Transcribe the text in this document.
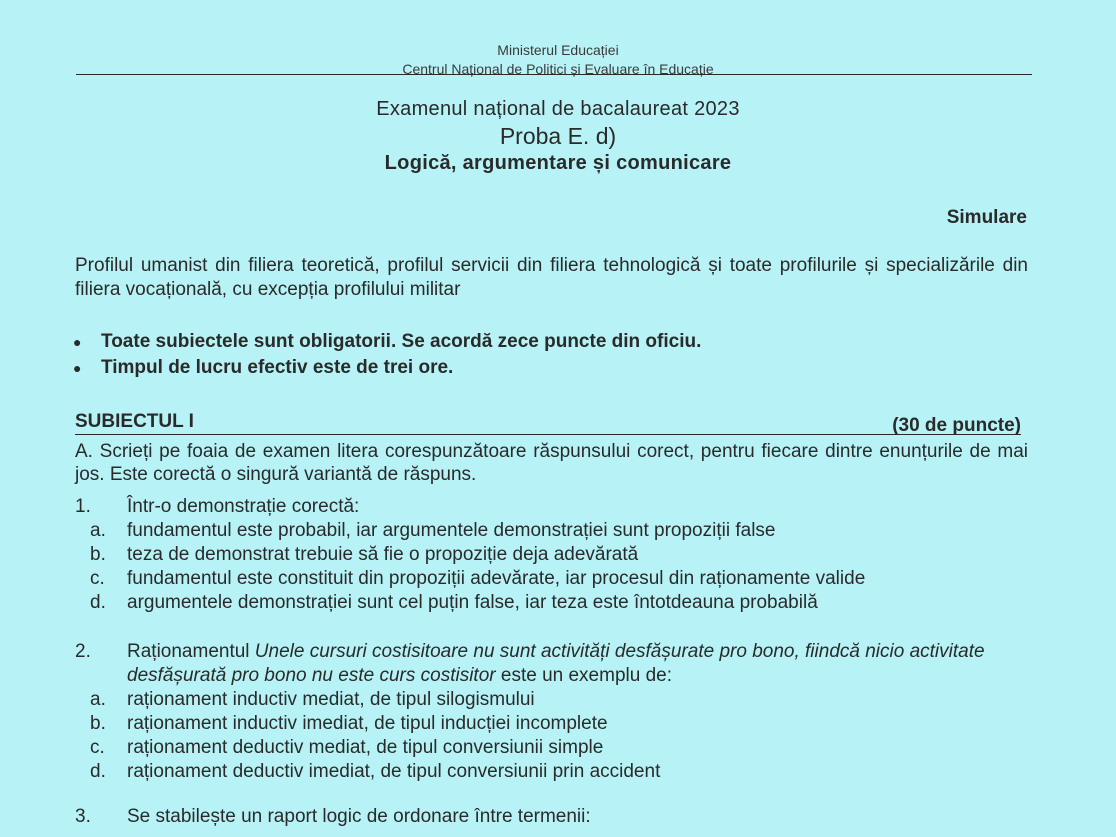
Ministerul Educației
Centrul Național de Politici și Evaluare în Educație
Examenul național de bacalaureat 2023
Proba E. d)
Logică, argumentare și comunicare
Simulare
Profilul umanist din filiera teoretică, profilul servicii din filiera tehnologică și toate profilurile și specializările din filiera vocațională, cu excepția profilului militar
●	Toate subiectele sunt obligatorii. Se acordă zece puncte din oficiu.
●	Timpul de lucru efectiv este de trei ore.
SUBIECTUL I	(30 de puncte)
A. Scrieți pe foaia de examen litera corespunzătoare răspunsului corect, pentru fiecare dintre enunțurile de mai jos. Este corectă o singură variantă de răspuns.
1.	Într-o demonstrație corectă:
a.	fundamentul este probabil, iar argumentele demonstrației sunt propoziții false
b.	teza de demonstrat trebuie să fie o propoziție deja adevărată
c.	fundamentul este constituit din propoziții adevărate, iar procesul din raționamente valide
d.	argumentele demonstrației sunt cel puțin false, iar teza este întotdeauna probabilă
2.	Raționamentul Unele cursuri costisitoare nu sunt activități desfășurate pro bono, fiindcă nicio activitate desfășurată pro bono nu este curs costisitor este un exemplu de:
a.	raționament inductiv mediat, de tipul silogismului
b.	raționament inductiv imediat, de tipul inducției incomplete
c.	raționament deductiv mediat, de tipul conversiunii simple
d.	raționament deductiv imediat, de tipul conversiunii prin accident
3.	Se stabilește un raport logic de ordonare între termenii:
